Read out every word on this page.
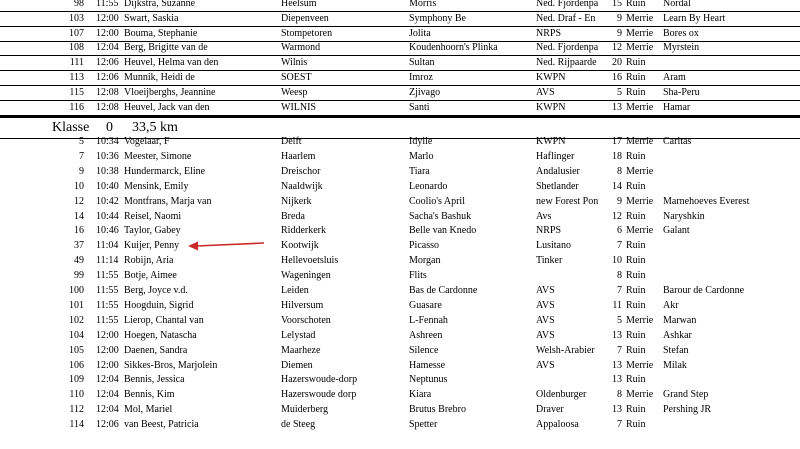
98 11:55 Dijkstra, Suzanne	Heelsum	Morris	Ned. Fjordenpa	15 Ruin	Nordal
103 12:00 Swart, Saskia	Diepenveen	Symphony Be	Ned. Draf - En	9 Merrie Learn By Heart
107 12:00 Bouma, Stephanie	Stompetoren	Jolita	NRPS	9 Merrie Bores ox
108 12:04 Berg, Brigitte van de	Warmond	Koudenhoorn's Plinka	Ned. Fjordenpa	12 Merrie Myrstein
111 12:06 Heuvel, Helma van den	Wilnis	Sultan	Ned. Rijpaarde	20 Ruin
113 12:06 Munnik, Heidi de	SOEST	Imroz	KWPN	16 Ruin	Aram
115 12:08 Vloeijberghs, Jeannine	Weesp	Zjivago	AVS	5 Ruin	Sha-Peru
116 12:08 Heuvel, Jack van den	WILNIS	Santi	KWPN	13 Merrie Hamar
Klasse 0 33,5 km
5 10:34 Vogelaar, F	Delft	Idylle	KWPN	17 Merrie Caritas
7 10:36 Meester, Simone	Haarlem	Marlo	Haflinger	18 Ruin
9 10:38 Hundermarck, Eline	Dreischor	Tiara	Andalusier	8 Merrie
10 10:40 Mensink, Emily	Naaldwijk	Leonardo	Shetlander	14 Ruin
12 10:42 Montfrans, Marja van	Nijkerk	Coolio's April	new Forest Pon	9 Merrie Marnehoeves Everest
14 10:44 Reisel, Naomi	Breda	Sacha's Bashuk	Avs	12 Ruin	Naryshkin
16 10:46 Taylor, Gabey	Ridderkerk	Belle van Knedo	NRPS	6 Merrie Galant
37 11:04 Kuijer, Penny	Kootwijk	Picasso	Lusitano	7 Ruin
49 11:14 Robijn, Aria	Hellevoetsluis	Morgan	Tinker	10 Ruin
99 11:55 Botje, Aimee	Wageningen	Flits	8 Ruin
100 11:55 Berg, Joyce v.d.	Leiden	Bas de Cardonne	AVS	7 Ruin	Barour de Cardonne
101 11:55 Hoogduin, Sigrid	Hilversum	Guasare	AVS	11 Ruin	Akr
102 11:55 Lierop, Chantal van	Voorschoten	L-Fennah	AVS	5 Merrie Marwan
104 12:00 Hoegen, Natascha	Lelystad	Ashreen	AVS	13 Ruin	Ashkar
105 12:00 Daenen, Sandra	Maarheze	Silence	Welsh-Arabier	7 Ruin	Stefan
106 12:00 Sikkes-Bros, Marjolein	Diemen	Hamesse	AVS	13 Merrie Milak
109 12:04 Bennis, Jessica	Hazerswoude-dorp	Neptunus	13 Ruin
110 12:04 Bennis, Kim	Hazerswoude dorp	Kiara	Oldenburger	8 Merrie Grand Step
112 12:04 Mol, Mariel	Muiderberg	Brutus Brebro	Draver	13 Ruin	Pershing JR
114 12:06 van Beest, Patricia	de Steeg	Spetter	Appaloosa	7 Ruin
